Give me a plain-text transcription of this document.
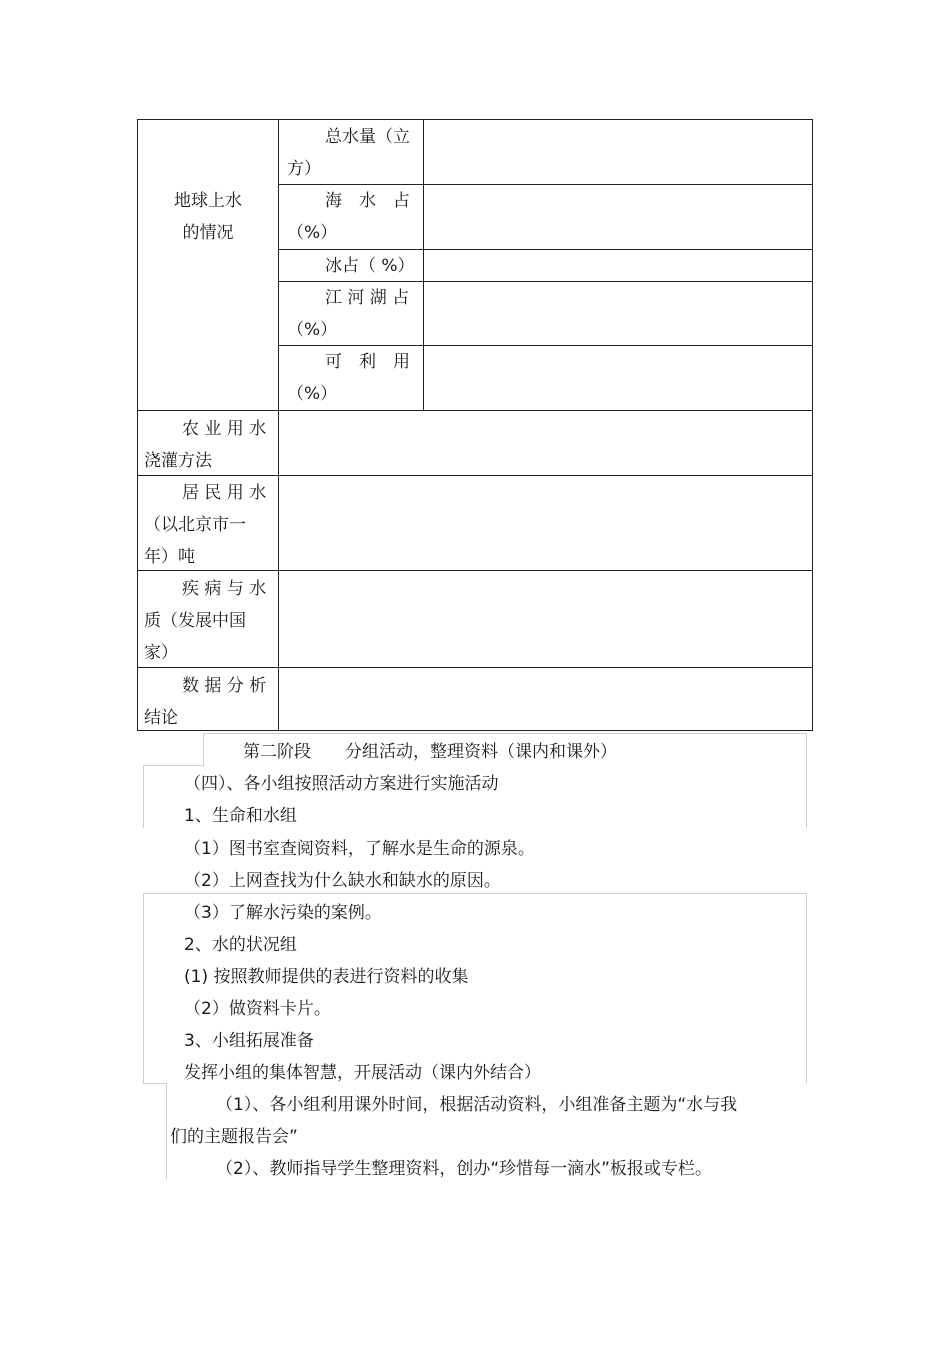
地球上水
的情况
总水量（立
方）
海　水　占
（%）
冰占（ %）
江 河 湖 占
（%）
可　利　用
（%）
农 业 用 水
浇灌方法
居 民 用 水
（以北京市一
年）吨
疾 病 与 水
质（发展中国
家）
数 据 分 析
结论
第二阶段　　分组活动，整理资料（课内和课外）
（四）、各小组按照活动方案进行实施活动
1、生命和水组
（1）图书室查阅资料，了解水是生命的源泉。
（2）上网查找为什么缺水和缺水的原因。
（3）了解水污染的案例。
2、水的状况组
(1) 按照教师提供的表进行资料的收集
（2）做资料卡片。
3、小组拓展准备
发挥小组的集体智慧，开展活动（课内外结合）
（1）、各小组利用课外时间，根据活动资料，小组准备主题为“水与我
们的主题报告会”
（2）、教师指导学生整理资料，创办“珍惜每一滴水”板报或专栏。
